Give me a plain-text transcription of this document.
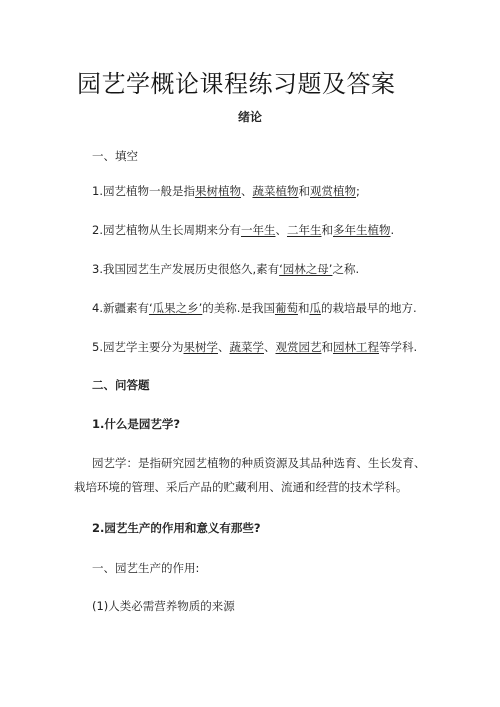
园艺学概论课程练习题及答案
绪论
一、填空
1.园艺植物一般是指果树植物、蔬菜植物和观赏植物;
2.园艺植物从生长周期来分有一年生、二年生和多年生植物.
3.我国园艺生产发展历史很悠久,素有‘园林之母’之称.
4.新疆素有‘瓜果之乡’的美称.是我国葡萄和瓜的栽培最早的地方.
5.园艺学主要分为果树学、蔬菜学、观赏园艺和园林工程等学科.
二、问答题
1.什么是园艺学?
园艺学：是指研究园艺植物的种质资源及其品种选育、生长发育、栽培环境的管理、采后产品的贮藏利用、流通和经营的技术学科。
2.园艺生产的作用和意义有那些?
一、园艺生产的作用:
(1)人类必需营养物质的来源
